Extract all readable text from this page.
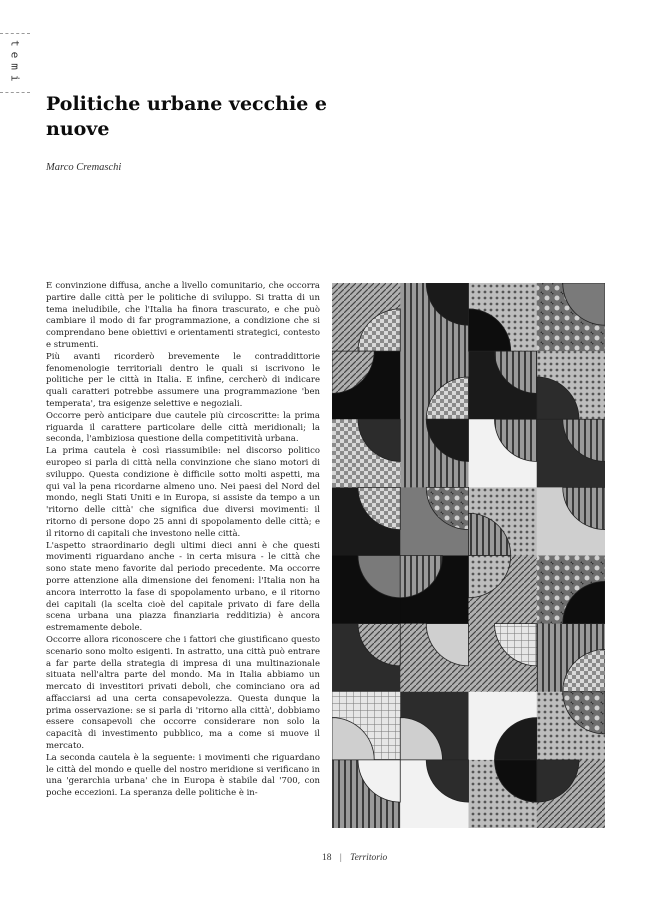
temi
Politiche urbane vecchie e nuove
Marco Cremaschi

È convinzione diffusa, anche a livello comunitario, che occorra partire dalle città per le politiche di sviluppo. Si tratta di un tema ineludibile, che l'Italia ha finora trascurato, e che può cambiare il modo di far programmazione, a condizione che si comprendano bene obiettivi e orientamenti strategici, contesto e strumenti.

Più avanti ricorderò brevemente le contraddittorie fenomenologie territoriali dentro le quali si iscrivono le politiche per le città in Italia. E infine, cercherò di indicare quali caratteri potrebbe assumere una programmazione 'ben temperata', tra esigenze selettive e negoziali.

Occorre però anticipare due cautele più circoscritte: la prima riguarda il carattere particolare delle città meridionali; la seconda, l'ambiziosa questione della competitività urbana.

La prima cautela è così riassumibile: nel discorso politico europeo si parla di città nella convinzione che siano motori di sviluppo. Questa condizione è difficile sotto molti aspetti, ma qui val la pena ricordarne almeno uno. Nei paesi del Nord del mondo, negli Stati Uniti e in Europa, si assiste da tempo a un 'ritorno delle città' che significa due diversi movimenti: il ritorno di persone dopo 25 anni di spopolamento delle città; e il ritorno di capitali che investono nelle città.

L'aspetto straordinario degli ultimi dieci anni è che questi movimenti riguardano anche - in certa misura - le città che sono state meno favorite dal periodo precedente. Ma occorre porre attenzione alla dimensione dei fenomeni: l'Italia non ha ancora interrotto la fase di spopolamento urbano, e il ritorno dei capitali (la scelta cioè del capitale privato di fare della scena urbana una piazza finanziaria redditizia) è ancora estremamente debole.

Occorre allora riconoscere che i fattori che giustificano questo scenario sono molto esigenti. In astratto, una città può entrare a far parte della strategia di impresa di una multinazionale situata nell'altra parte del mondo. Ma in Italia abbiamo un mercato di investitori privati deboli, che cominciano ora ad affacciarsi ad una certa consapevolezza. Questa dunque la prima osservazione: se si parla di 'ritorno alla città', dobbiamo essere consapevoli che occorre considerare non solo la capacità di investimento pubblico, ma a come si muove il mercato.

La seconda cautela è la seguente: i movimenti che riguardano le città del mondo e quelle del nostro meridione si verificano in una 'gerarchia urbana' che in Europa è stabile dal '700, con poche eccezioni. La speranza delle politiche è in-

18 | Territorio
